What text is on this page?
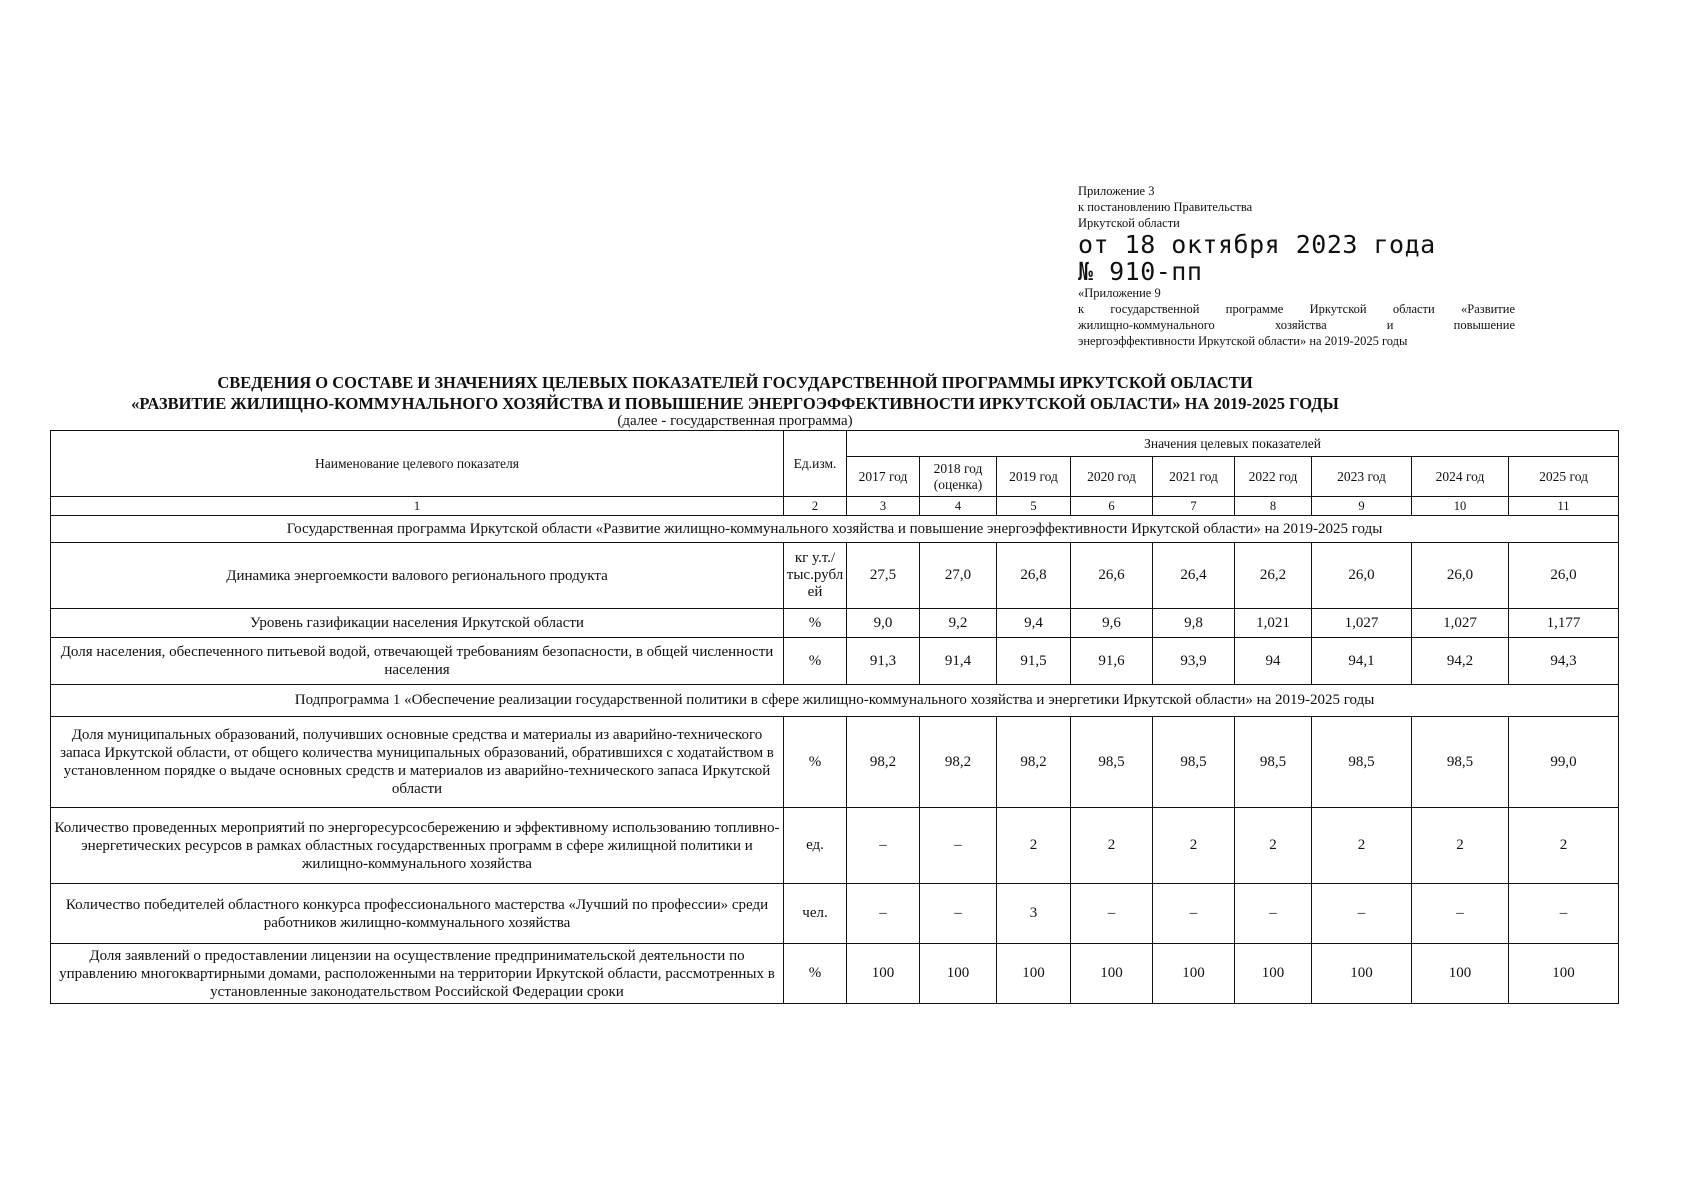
Приложение 3
к постановлению Правительства
Иркутской области
от 18 октября 2023 года
№ 910-пп
«Приложение 9
к государственной программе Иркутской области «Развитие
жилищно-коммунального хозяйства и повышение
энергоэффективности Иркутской области» на 2019-2025 годы
СВЕДЕНИЯ О СОСТАВЕ И ЗНАЧЕНИЯХ ЦЕЛЕВЫХ ПОКАЗАТЕЛЕЙ ГОСУДАРСТВЕННОЙ ПРОГРАММЫ ИРКУТСКОЙ ОБЛАСТИ
«РАЗВИТИЕ ЖИЛИЩНО-КОММУНАЛЬНОГО ХОЗЯЙСТВА И ПОВЫШЕНИЕ ЭНЕРГОЭФФЕКТИВНОСТИ ИРКУТСКОЙ ОБЛАСТИ» НА 2019-2025 ГОДЫ
(далее - государственная программа)
Наименование целевого показателя	Ед.изм.	Значения целевых показателей								
		2017 год	2018 год (оценка)	2019 год	2020 год	2021 год	2022 год	2023 год	2024 год	2025 год
1	2	3	4	5	6	7	8	9	10	11
Государственная программа Иркутской области «Развитие жилищно-коммунального хозяйства и повышение энергоэффективности Иркутской области» на 2019-2025 годы										
Динамика энергоемкости валового регионального продукта	кг у.т./ тыс.рубл ей	27,5	27,0	26,8	26,6	26,4	26,2	26,0	26,0	26,0
Уровень газификации населения Иркутской области	%	9,0	9,2	9,4	9,6	9,8	1,021	1,027	1,027	1,177
Доля населения, обеспеченного питьевой водой, отвечающей требованиям безопасности, в общей численности населения	%	91,3	91,4	91,5	91,6	93,9	94	94,1	94,2	94,3
Подпрограмма 1 «Обеспечение реализации государственной политики в сфере жилищно-коммунального хозяйства и энергетики Иркутской области» на 2019-2025 годы										
Доля муниципальных образований, получивших основные средства и материалы из аварийно-технического запаса Иркутской области, от общего количества муниципальных образований, обратившихся с ходатайством в установленном порядке о выдаче основных средств и материалов из аварийно-технического запаса Иркутской области	%	98,2	98,2	98,2	98,5	98,5	98,5	98,5	98,5	99,0
Количество проведенных мероприятий по энергоресурсосбережению и эффективному использованию топливно-энергетических ресурсов в рамках областных государственных программ в сфере жилищной политики и жилищно-коммунального хозяйства	ед.	–	–	2	2	2	2	2	2	2
Количество победителей областного конкурса профессионального мастерства «Лучший по профессии» среди работников жилищно-коммунального хозяйства	чел.	–	–	3	–	–	–	–	–	–
Доля заявлений о предоставлении лицензии на осуществление предпринимательской деятельности по управлению многоквартирными домами, расположенными на территории Иркутской области, рассмотренных в установленные законодательством Российской Федерации сроки	%	100	100	100	100	100	100	100	100	100
